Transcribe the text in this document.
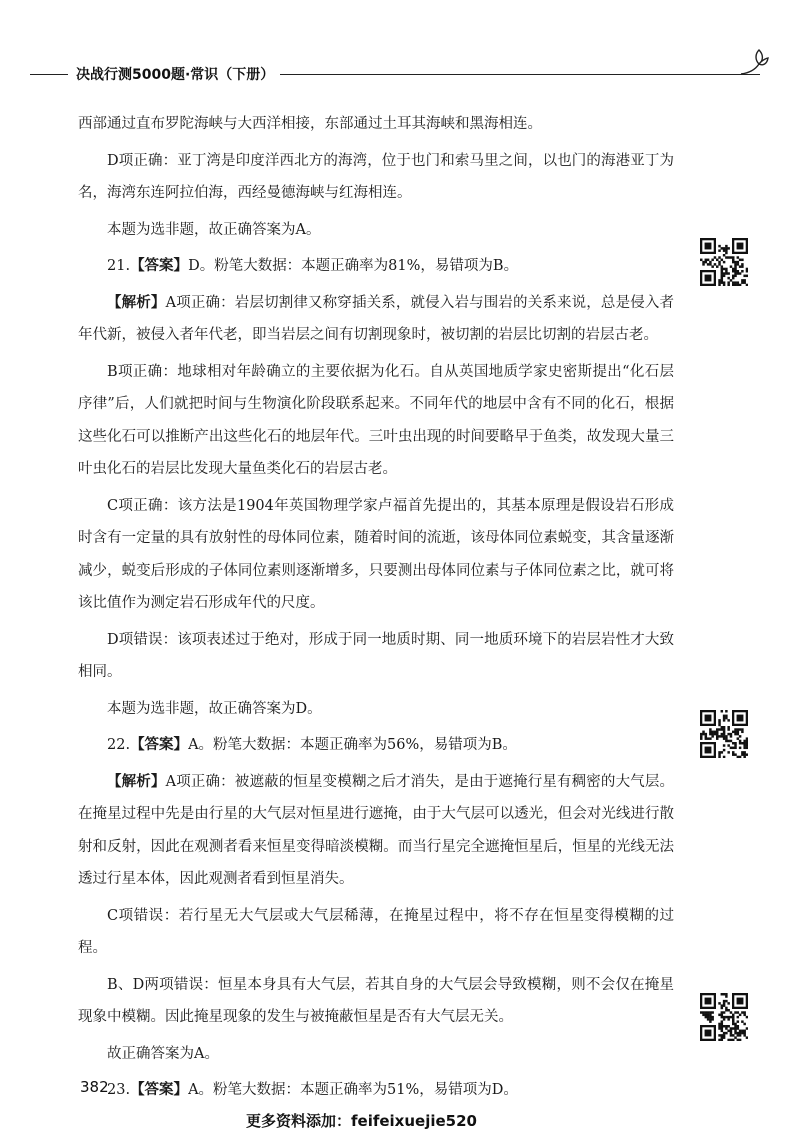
决战行测5000题·常识（下册）

西部通过直布罗陀海峡与大西洋相接，东部通过土耳其海峡和黑海相连。

D项正确：亚丁湾是印度洋西北方的海湾，位于也门和索马里之间，以也门的海港亚丁为名，海湾东连阿拉伯海，西经曼德海峡与红海相连。

本题为选非题，故正确答案为A。

21.【答案】D。粉笔大数据：本题正确率为81%，易错项为B。

【解析】A项正确：岩层切割律又称穿插关系，就侵入岩与围岩的关系来说，总是侵入者年代新，被侵入者年代老，即当岩层之间有切割现象时，被切割的岩层比切割的岩层古老。

B项正确：地球相对年龄确立的主要依据为化石。自从英国地质学家史密斯提出“化石层序律”后，人们就把时间与生物演化阶段联系起来。不同年代的地层中含有不同的化石，根据这些化石可以推断产出这些化石的地层年代。三叶虫出现的时间要略早于鱼类，故发现大量三叶虫化石的岩层比发现大量鱼类化石的岩层古老。

C项正确：该方法是1904年英国物理学家卢福首先提出的，其基本原理是假设岩石形成时含有一定量的具有放射性的母体同位素，随着时间的流逝，该母体同位素蜕变，其含量逐渐减少，蜕变后形成的子体同位素则逐渐增多，只要测出母体同位素与子体同位素之比，就可将该比值作为测定岩石形成年代的尺度。

D项错误：该项表述过于绝对，形成于同一地质时期、同一地质环境下的岩层岩性才大致相同。

本题为选非题，故正确答案为D。

22.【答案】A。粉笔大数据：本题正确率为56%，易错项为B。

【解析】A项正确：被遮蔽的恒星变模糊之后才消失，是由于遮掩行星有稠密的大气层。在掩星过程中先是由行星的大气层对恒星进行遮掩，由于大气层可以透光，但会对光线进行散射和反射，因此在观测者看来恒星变得暗淡模糊。而当行星完全遮掩恒星后，恒星的光线无法透过行星本体，因此观测者看到恒星消失。

C项错误：若行星无大气层或大气层稀薄，在掩星过程中，将不存在恒星变得模糊的过程。

B、D两项错误：恒星本身具有大气层，若其自身的大气层会导致模糊，则不会仅在掩星现象中模糊。因此掩星现象的发生与被掩蔽恒星是否有大气层无关。

故正确答案为A。

23.【答案】A。粉笔大数据：本题正确率为51%，易错项为D。

382
更多资料添加：feifeixuejie520
